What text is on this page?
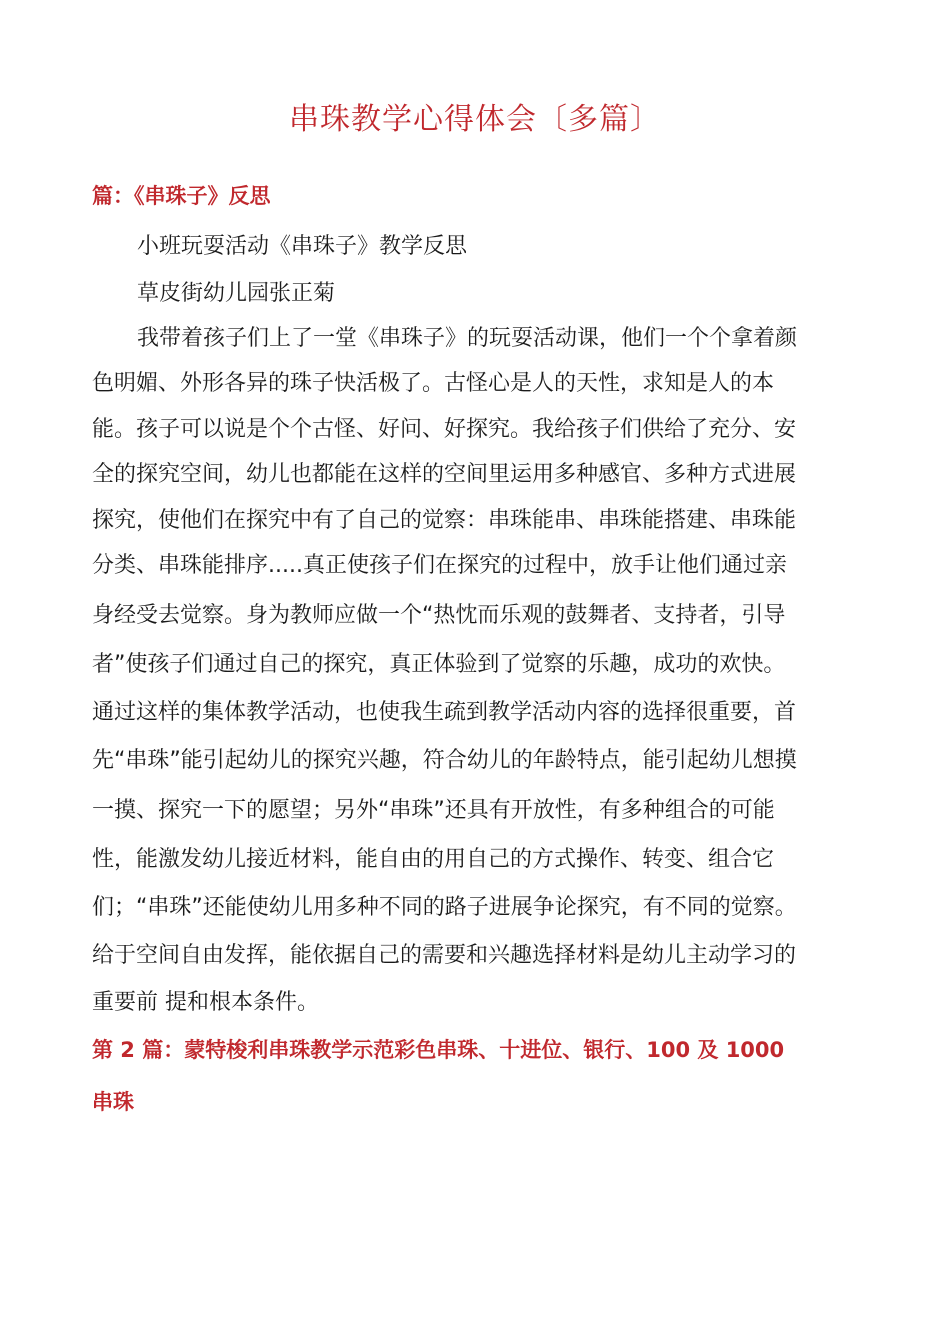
串珠教学心得体会〔多篇〕
篇：《串珠子》反思
小班玩耍活动《串珠子》教学反思
草皮街幼儿园张正菊
我带着孩子们上了一堂《串珠子》的玩耍活动课，他们一个个拿着颜
色明媚、外形各异的珠子快活极了。古怪心是人的天性，求知是人的本
能。孩子可以说是个个古怪、好问、好探究。我给孩子们供给了充分、安
全的探究空间，幼儿也都能在这样的空间里运用多种感官、多种方式进展
探究，使他们在探究中有了自己的觉察：串珠能串、串珠能搭建、串珠能
分类、串珠能排序.....真正使孩子们在探究的过程中，放手让他们通过亲
身经受去觉察。身为教师应做一个“热忱而乐观的鼓舞者、支持者，引导
者”使孩子们通过自己的探究，真正体验到了觉察的乐趣，成功的欢快。
通过这样的集体教学活动，也使我生疏到教学活动内容的选择很重要，首
先“串珠”能引起幼儿的探究兴趣，符合幼儿的年龄特点，能引起幼儿想摸
一摸、探究一下的愿望；另外“串珠”还具有开放性，有多种组合的可能
性，能激发幼儿接近材料，能自由的用自己的方式操作、转变、组合它
们；“串珠”还能使幼儿用多种不同的路子进展争论探究，有不同的觉察。
给于空间自由发挥，能依据自己的需要和兴趣选择材料是幼儿主动学习的
重要前 提和根本条件。
第 2 篇：蒙特梭利串珠教学示范彩色串珠、十进位、银行、100 及 1000
串珠
